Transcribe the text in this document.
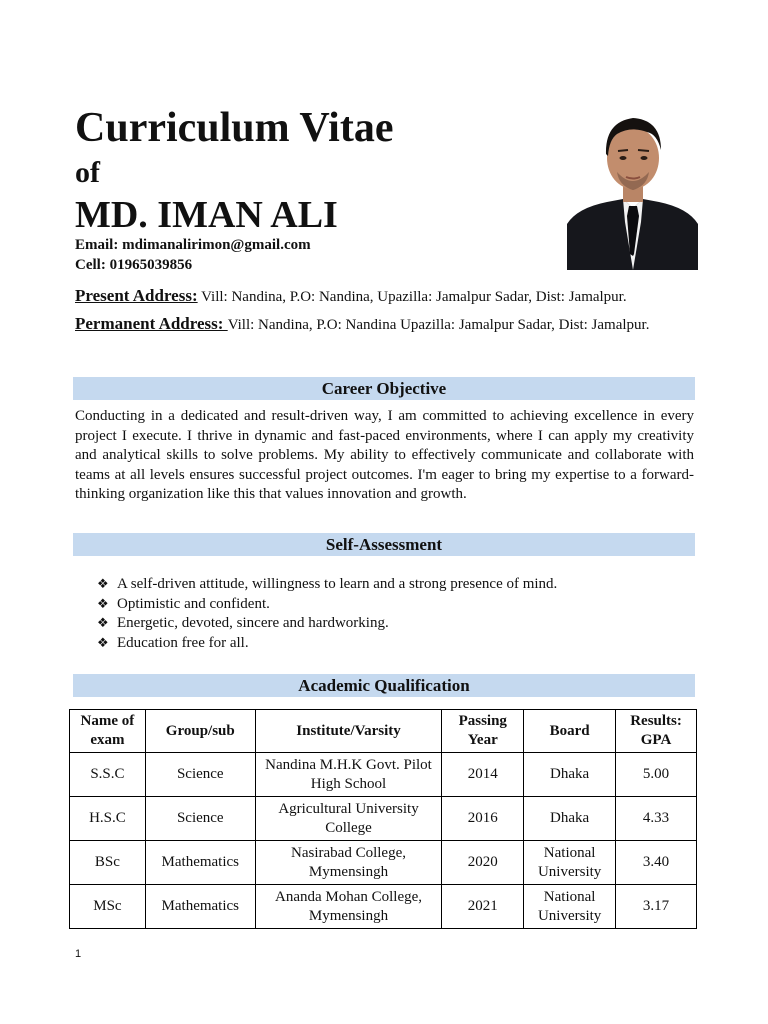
Curriculum Vitae
of
MD. IMAN ALI
Email: mdimanalirimon@gmail.com
Cell: 01965039856
Present Address: Vill: Nandina, P.O: Nandina, Upazilla: Jamalpur Sadar, Dist: Jamalpur.
Permanent Address: Vill: Nandina, P.O: Nandina Upazilla: Jamalpur Sadar, Dist: Jamalpur.
Career Objective
Conducting in a dedicated and result-driven way, I am committed to achieving excellence in every project I execute. I thrive in dynamic and fast-paced environments, where I can apply my creativity and analytical skills to solve problems. My ability to effectively communicate and collaborate with teams at all levels ensures successful project outcomes. I'm eager to bring my expertise to a forward-thinking organization like this that values innovation and growth.
Self-Assessment
❖ A self-driven attitude, willingness to learn and a strong presence of mind.
❖ Optimistic and confident.
❖ Energetic, devoted, sincere and hardworking.
❖ Education free for all.
Academic Qualification
Name of exam	Group/sub	Institute/Varsity	Passing Year	Board	Results: GPA
S.S.C	Science	Nandina M.H.K Govt. Pilot High School	2014	Dhaka	5.00
H.S.C	Science	Agricultural University College	2016	Dhaka	4.33
BSc	Mathematics	Nasirabad College, Mymensingh	2020	National University	3.40
MSc	Mathematics	Ananda Mohan College, Mymensingh	2021	National University	3.17
1
